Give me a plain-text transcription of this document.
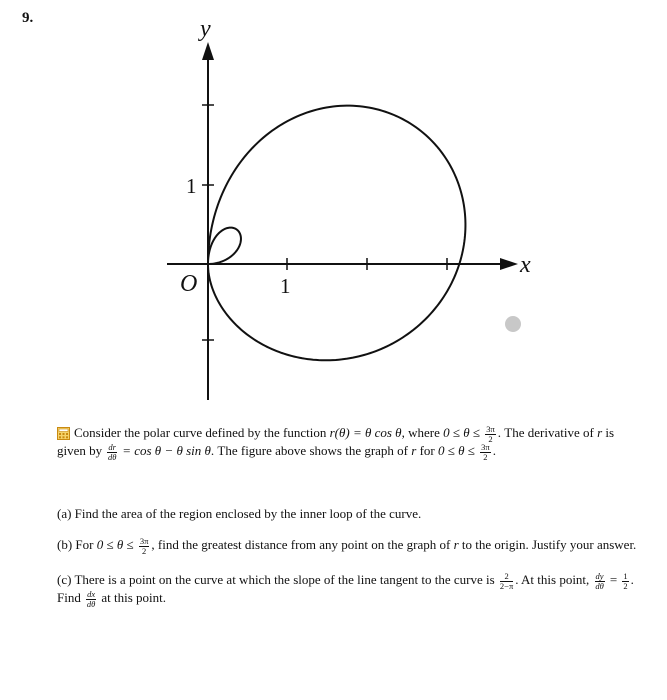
9.	y
x
O	1
1
Consider the polar curve defined by the function r(θ) = θ cos θ, where $0 \le \theta \le \frac{3\pi}{2}$ . The derivative of r is
given by $\frac{dr}{d\theta} = \cos \theta - \theta$ sin θ. The figure above shows the graph of r for $0 \le \theta \le \frac{3\pi}{2}$ .
(a) Find the area of the region enclosed by the inner loop of the curve.
(b) For $0 \le \theta \le \frac{3\pi}{2}$ , find the greatest distance from any point on the graph of r to the origin. Justify your answer.
(c) There is a point on the curve at which the slope of the line tangent to the curve is $\frac{2}{2-\pi}$ . At this point, $\frac{dy}{d\theta} = \frac{1}{2}$ .
Find $\frac{dx}{d\theta}$ at this point.
